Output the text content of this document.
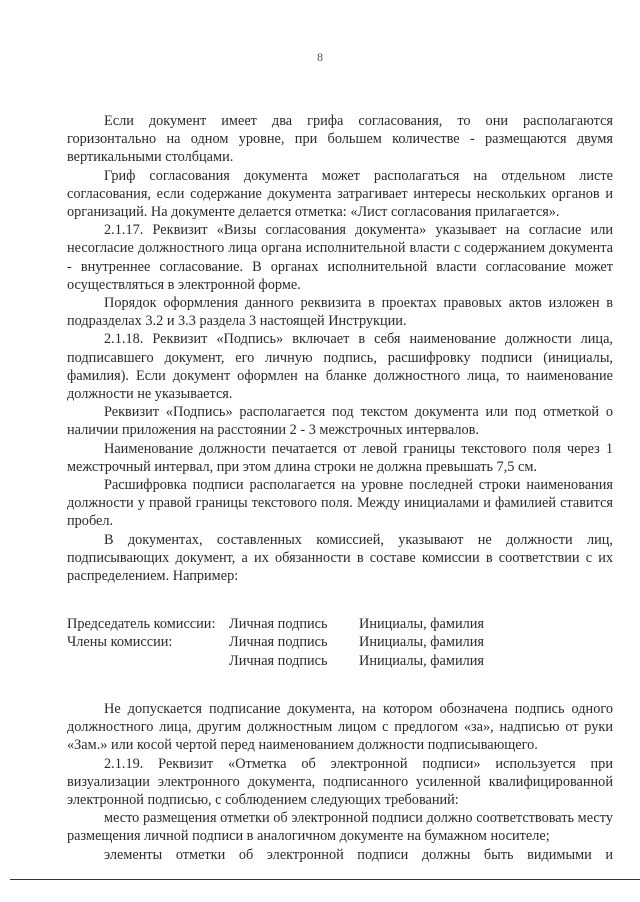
8

Если документ имеет два грифа согласования, то они располагаются горизонтально на одном уровне, при большем количестве - размещаются двумя вертикальными столбцами.

Гриф согласования документа может располагаться на отдельном листе согласования, если содержание документа затрагивает интересы нескольких органов и организаций. На документе делается отметка: «Лист согласования прилагается».

2.1.17. Реквизит «Визы согласования документа» указывает на согласие или несогласие должностного лица органа исполнительной власти с содержанием документа - внутреннее согласование. В органах исполнительной власти согласование может осуществляться в электронной форме.

Порядок оформления данного реквизита в проектах правовых актов изложен в подразделах 3.2 и 3.3 раздела 3 настоящей Инструкции.

2.1.18. Реквизит «Подпись» включает в себя наименование должности лица, подписавшего документ, его личную подпись, расшифровку подписи (инициалы, фамилия). Если документ оформлен на бланке должностного лица, то наименование должности не указывается.

Реквизит «Подпись» располагается под текстом документа или под отметкой о наличии приложения на расстоянии 2 - 3 межстрочных интервалов.

Наименование должности печатается от левой границы текстового поля через 1 межстрочный интервал, при этом длина строки не должна превышать 7,5 см.

Расшифровка подписи располагается на уровне последней строки наименования должности у правой границы текстового поля. Между инициалами и фамилией ставится пробел.

В документах, составленных комиссией, указывают не должности лиц, подписывающих документ, а их обязанности в составе комиссии в соответствии с их распределением. Например:

Председатель комиссии:	Личная подпись	Инициалы, фамилия
Члены комиссии:	Личная подпись	Инициалы, фамилия
	Личная подпись	Инициалы, фамилия

Не допускается подписание документа, на котором обозначена подпись одного должностного лица, другим должностным лицом с предлогом «за», надписью от руки «Зам.» или косой чертой перед наименованием должности подписывающего.

2.1.19. Реквизит «Отметка об электронной подписи» используется при визуализации электронного документа, подписанного усиленной квалифицированной электронной подписью, с соблюдением следующих требований:

место размещения отметки об электронной подписи должно соответствовать месту размещения личной подписи в аналогичном документе на бумажном носителе;

элементы отметки об электронной подписи должны быть видимыми и
